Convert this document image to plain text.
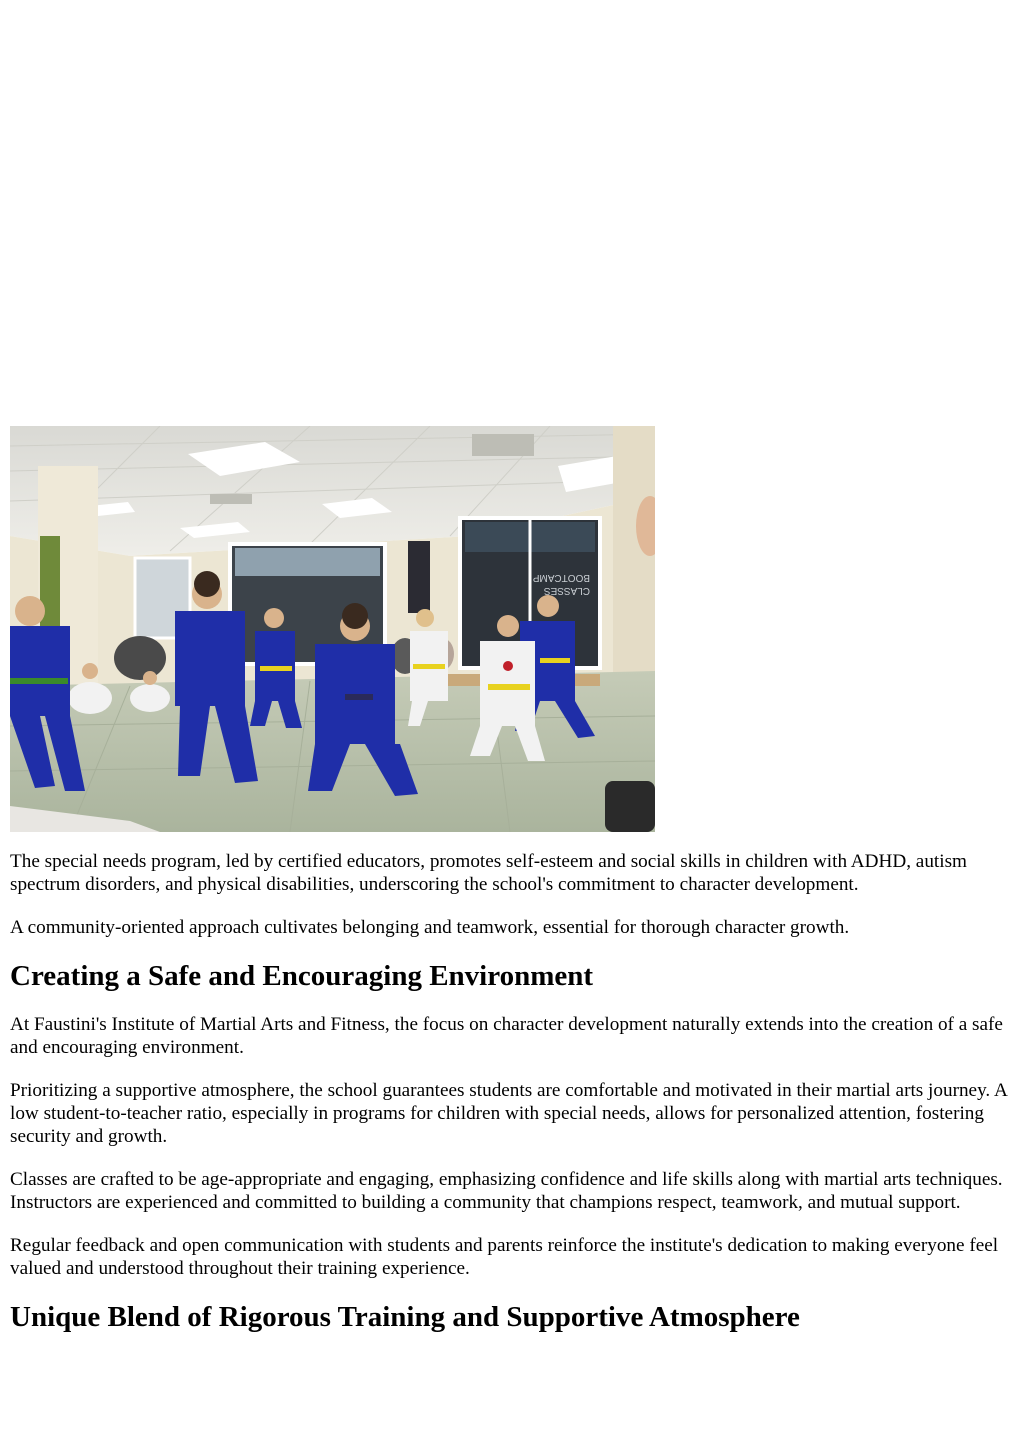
BOOTCAMP
CLASSES

The special needs program, led by certified educators, promotes self-esteem and social skills in children with ADHD, autism spectrum disorders, and physical disabilities, underscoring the school's commitment to character development.

A community-oriented approach cultivates belonging and teamwork, essential for thorough character growth.

Creating a Safe and Encouraging Environment

At Faustini's Institute of Martial Arts and Fitness, the focus on character development naturally extends into the creation of a safe and encouraging environment.

Prioritizing a supportive atmosphere, the school guarantees students are comfortable and motivated in their martial arts journey. A low student-to-teacher ratio, especially in programs for children with special needs, allows for personalized attention, fostering security and growth.

Classes are crafted to be age-appropriate and engaging, emphasizing confidence and life skills along with martial arts techniques. Instructors are experienced and committed to building a community that champions respect, teamwork, and mutual support.

Regular feedback and open communication with students and parents reinforce the institute's dedication to making everyone feel valued and understood throughout their training experience.

Unique Blend of Rigorous Training and Supportive Atmosphere
